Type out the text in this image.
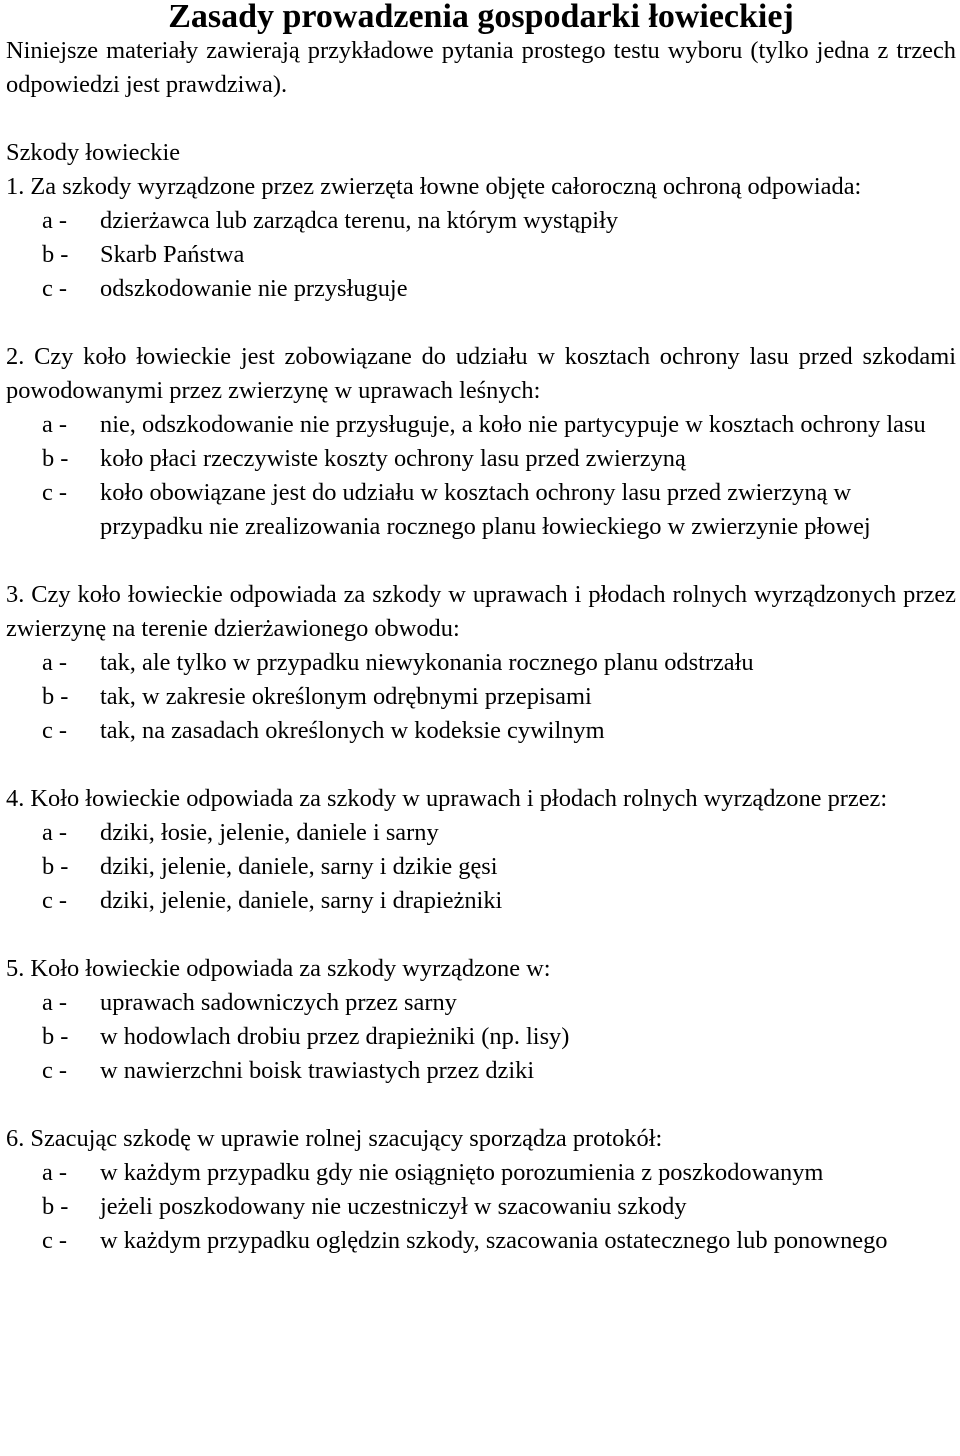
Zasady prowadzenia gospodarki łowieckiej

Niniejsze materiały zawierają przykładowe pytania prostego testu wyboru (tylko jedna z trzech odpowiedzi jest prawdziwa).

Szkody łowieckie

1. Za szkody wyrządzone przez zwierzęta łowne objęte całoroczną ochroną odpowiada:

a -	dzierżawca lub zarządca terenu, na którym wystąpiły
b -	Skarb Państwa
c -	odszkodowanie nie przysługuje

2. Czy koło łowieckie jest zobowiązane do udziału w kosztach ochrony lasu przed szkodami powodowanymi przez zwierzynę w uprawach leśnych:

a -	nie, odszkodowanie nie przysługuje, a koło nie partycypuje w kosztach ochrony lasu
b -	koło płaci rzeczywiste koszty ochrony lasu przed zwierzyną
c -	koło obowiązane jest do udziału w kosztach ochrony lasu przed zwierzyną w przypadku nie zrealizowania rocznego planu łowieckiego w zwierzynie płowej

3. Czy koło łowieckie odpowiada za szkody w uprawach i płodach rolnych wyrządzonych przez zwierzynę na terenie dzierżawionego obwodu:

a -	tak, ale tylko w przypadku niewykonania rocznego planu odstrzału
b -	tak, w zakresie określonym odrębnymi przepisami
c -	tak, na zasadach określonych w kodeksie cywilnym

4. Koło łowieckie odpowiada za szkody w uprawach i płodach rolnych wyrządzone przez:

a -	dziki, łosie, jelenie, daniele i sarny
b -	dziki, jelenie, daniele, sarny i dzikie gęsi
c -	dziki, jelenie, daniele, sarny i drapieżniki

5. Koło łowieckie odpowiada za szkody wyrządzone w:

a -	uprawach sadowniczych przez sarny
b -	w hodowlach drobiu przez drapieżniki (np. lisy)
c -	w nawierzchni boisk trawiastych przez dziki

6. Szacując szkodę w uprawie rolnej szacujący sporządza protokół:

a -	w każdym przypadku gdy nie osiągnięto porozumienia z poszkodowanym
b -	jeżeli poszkodowany nie uczestniczył w szacowaniu szkody
c -	w każdym przypadku oględzin szkody, szacowania ostatecznego lub ponownego
